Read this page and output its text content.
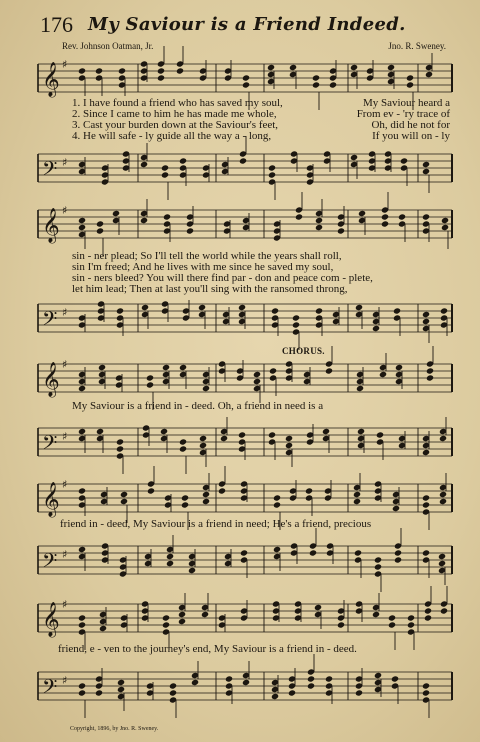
176 My Saviour is a Friend Indeed.
Rev. Johnson Oatman, Jr.	Jno. R. Sweney.
𝄞 ♯
1. I have found a friend who has saved my soul,
2. Since I came to him he has made me whole,
3. Cast your burden down at the Saviour's feet,
4. He will safe - ly guide all the way a - long,
My Saviour heard a
From ev - 'ry trace of
Oh, did he not for
If you will on - ly
𝄢 ♯
𝄞 ♯
sin - ner plead; So I'll tell the world while the years shall roll,
sin I'm freed; And he lives with me since he saved my soul,
sin - ners bleed? You will there find par - don and peace com - plete,
let him lead; Then at last you'll sing with the ransomed throng,
𝄢 ♯
CHORUS.
𝄞 ♯
My Saviour is a friend in - deed. Oh, a friend in need is a
𝄢 ♯
𝄞 ♯
friend in - deed, My Saviour is a friend in need; He's a friend, precious
𝄢 ♯
𝄞 ♯
friend, e - ven to the journey's end, My Saviour is a friend in - deed.
𝄢 ♯
Copyright, 1896, by Jno. R. Sweney.
